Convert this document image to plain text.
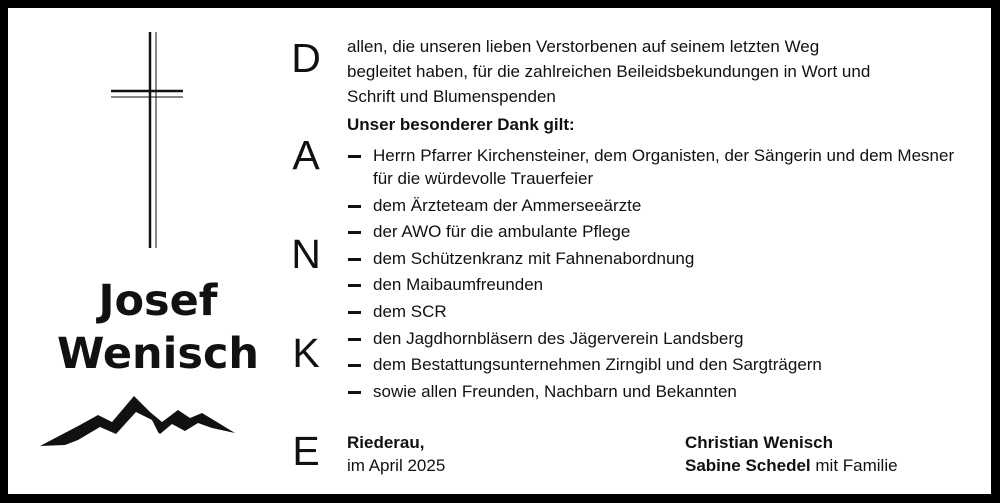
Josef
Wenisch
D
A
N
K
E
allen, die unseren lieben Verstorbenen auf seinem letzten Weg
begleitet haben, für die zahlreichen Beileidsbekundungen in Wort und
Schrift und Blumenspenden
Unser besonderer Dank gilt:
Herrn Pfarrer Kirchensteiner, dem Organisten, der Sängerin und dem Mesner für die würdevolle Trauerfeier
dem Ärzteteam der Ammerseeärzte
der AWO für die ambulante Pflege
dem Schützenkranz mit Fahnenabordnung
den Maibaumfreunden
dem SCR
den Jagdhornbläsern des Jägerverein Landsberg
dem Bestattungsunternehmen Zirngibl und den Sargträgern
sowie allen Freunden, Nachbarn und Bekannten
Riederau,
im April 2025
Christian Wenisch
Sabine Schedel mit Familie
